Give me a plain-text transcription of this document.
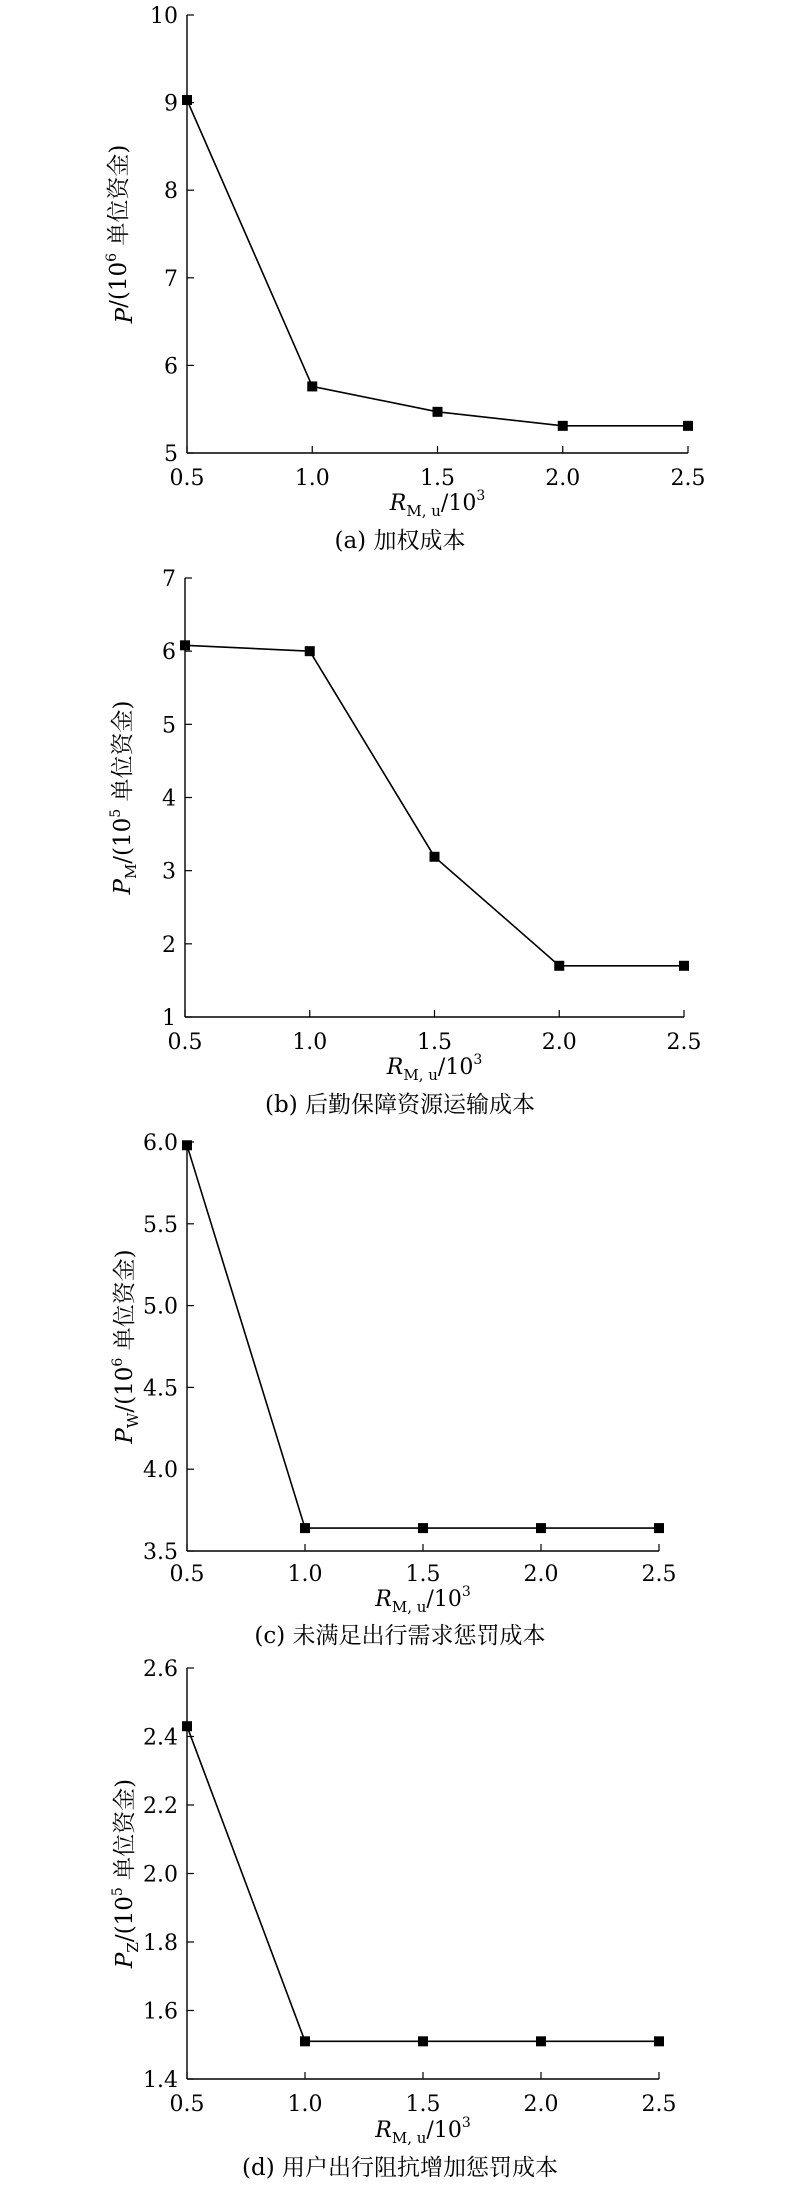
0.5	1.0	1.5	2.0	2.5
5
6
7
8
9
10
$R_{M, u}/10^3$
$P/(10^6$ 单位资金)
(a) 加权成本
0.5	1.0	1.5	2.0	2.5
1
2
3
4
5
6
7
$R_{M, u}/10^3$
$P_M/(10^5$ 单位资金)
(b) 后勤保障资源运输成本
0.5	1.0	1.5	2.0	2.5
3.5
4.0
4.5
5.0
5.5
6.0
$R_{M, u}/10^3$
$P_W/(10^6$ 单位资金)
(c) 未满足出行需求惩罚成本
0.5	1.0	1.5	2.0	2.5
1.4
1.6
1.8
2.0
2.2
2.4
2.6
$R_{M, u}/10^3$
$P_Z/(10^5$ 单位资金)
(d) 用户出行阻抗增加惩罚成本
